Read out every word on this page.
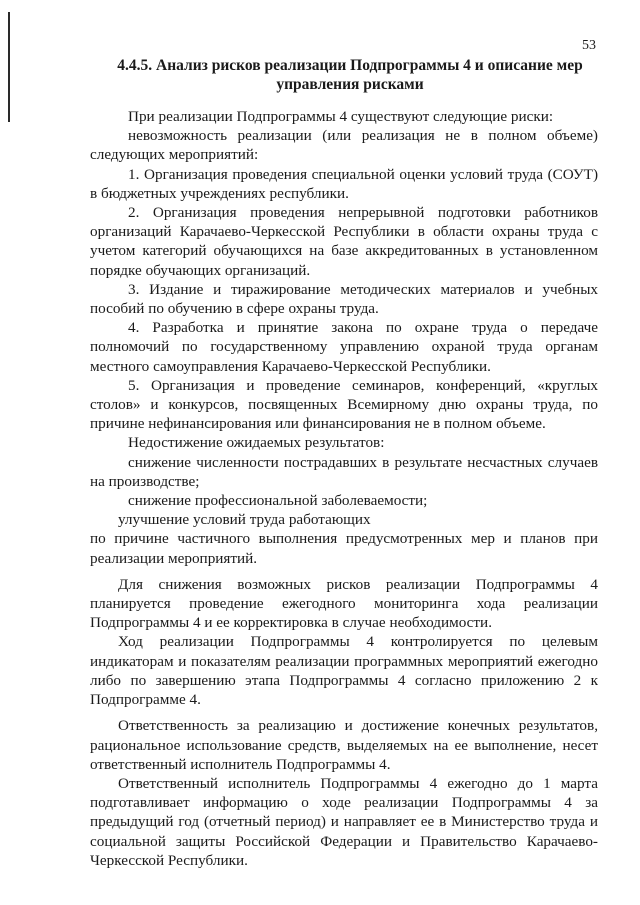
53
4.4.5. Анализ рисков реализации Подпрограммы 4 и описание мер управления рисками

При реализации Подпрограммы 4 существуют следующие риски:

невозможность реализации (или реализация не в полном объеме) следующих мероприятий:

1. Организация проведения специальной оценки условий труда (СОУТ) в бюджетных учреждениях республики.

2. Организация проведения непрерывной подготовки работников организаций Карачаево-Черкесской Республики в области охраны труда с учетом категорий обучающихся на базе аккредитованных в установленном порядке обучающих организаций.

3. Издание и тиражирование методических материалов и учебных пособий по обучению в сфере охраны труда.

4. Разработка и принятие закона по охране труда о передаче полномочий по государственному управлению охраной труда органам местного самоуправления Карачаево-Черкесской Республики.

5. Организация и проведение семинаров, конференций, «круглых столов» и конкурсов, посвященных Всемирному дню охраны труда, по причине нефинансирования или финансирования не в полном объеме.

Недостижение ожидаемых результатов:

снижение численности пострадавших в результате несчастных случаев на производстве;

снижение профессиональной заболеваемости;

улучшение условий труда работающих

по причине частичного выполнения предусмотренных мер и планов при реализации мероприятий.

Для снижения возможных рисков реализации Подпрограммы 4 планируется проведение ежегодного мониторинга хода реализации Подпрограммы 4 и ее корректировка в случае необходимости.

Ход реализации Подпрограммы 4 контролируется по целевым индикаторам и показателям реализации программных мероприятий ежегодно либо по завершению этапа Подпрограммы 4 согласно приложению 2 к Подпрограмме 4.

Ответственность за реализацию и достижение конечных результатов, рациональное использование средств, выделяемых на ее выполнение, несет ответственный исполнитель Подпрограммы 4.

Ответственный исполнитель Подпрограммы 4 ежегодно до 1 марта подготавливает информацию о ходе реализации Подпрограммы 4 за предыдущий год (отчетный период) и направляет ее в Министерство труда и социальной защиты Российской Федерации и Правительство Карачаево-Черкесской Республики.
